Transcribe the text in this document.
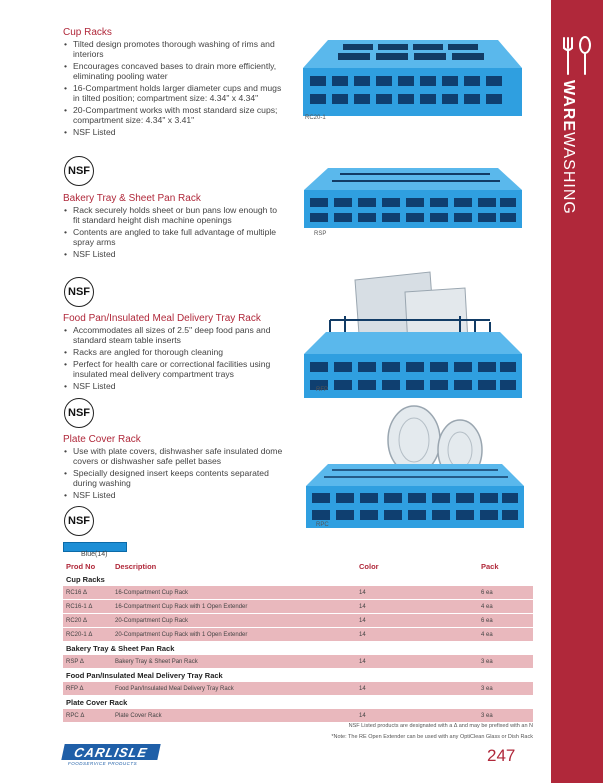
WAREWASHING
Cup Racks
• Tilted design promotes thorough washing of rims and interiors
• Encourages concaved bases to drain more efficiently, eliminating pooling water
• 16-Compartment holds larger diameter cups and mugs in tilted position; compartment size: 4.34" x 4.34"
• 20-Compartment works with most standard size cups; compartment size: 4.34" x 3.41"
• NSF Listed
NSF
RC20-1
Bakery Tray & Sheet Pan Rack
• Rack securely holds sheet or bun pans low enough to fit standard height dish machine openings
• Contents are angled to take full advantage of multiple spray arms
• NSF Listed
NSF
RSP
Food Pan/Insulated Meal Delivery Tray Rack
• Accommodates all sizes of 2.5" deep food pans and standard steam table inserts
• Racks are angled for thorough cleaning
• Perfect for health care or correctional facilities using insulated meal delivery compartment trays
• NSF Listed
NSF
RFP
Plate Cover Rack
• Use with plate covers, dishwasher safe insulated dome covers or dishwasher safe pellet bases
• Specially designed insert keeps contents separated during washing
• NSF Listed
NSF	RPC
Blue(14)
Prod No	Description	Color	Pack
Cup Racks			
RC16 Δ	16-Compartment Cup Rack	14	6 ea
RC16-1 Δ	16-Compartment Cup Rack with 1 Open Extender	14	4 ea
RC20 Δ	20-Compartment Cup Rack	14	6 ea
RC20-1 Δ	20-Compartment Cup Rack with 1 Open Extender	14	4 ea
Bakery Tray & Sheet Pan Rack			
RSP Δ	Bakery Tray & Sheet Pan Rack	14	3 ea
Food Pan/Insulated Meal Delivery Tray Rack			
RFP Δ	Food Pan/Insulated Meal Delivery Tray Rack	14	3 ea
Plate Cover Rack			
RPC Δ	Plate Cover Rack	14	3 ea
NSF Listed products are designated with a Δ and may be prefixed with an N
*Note: The RE Open Extender can be used with any OptiClean Glass or Dish Rack
CARLISLE
FOODSERVICE PRODUCTS	247
